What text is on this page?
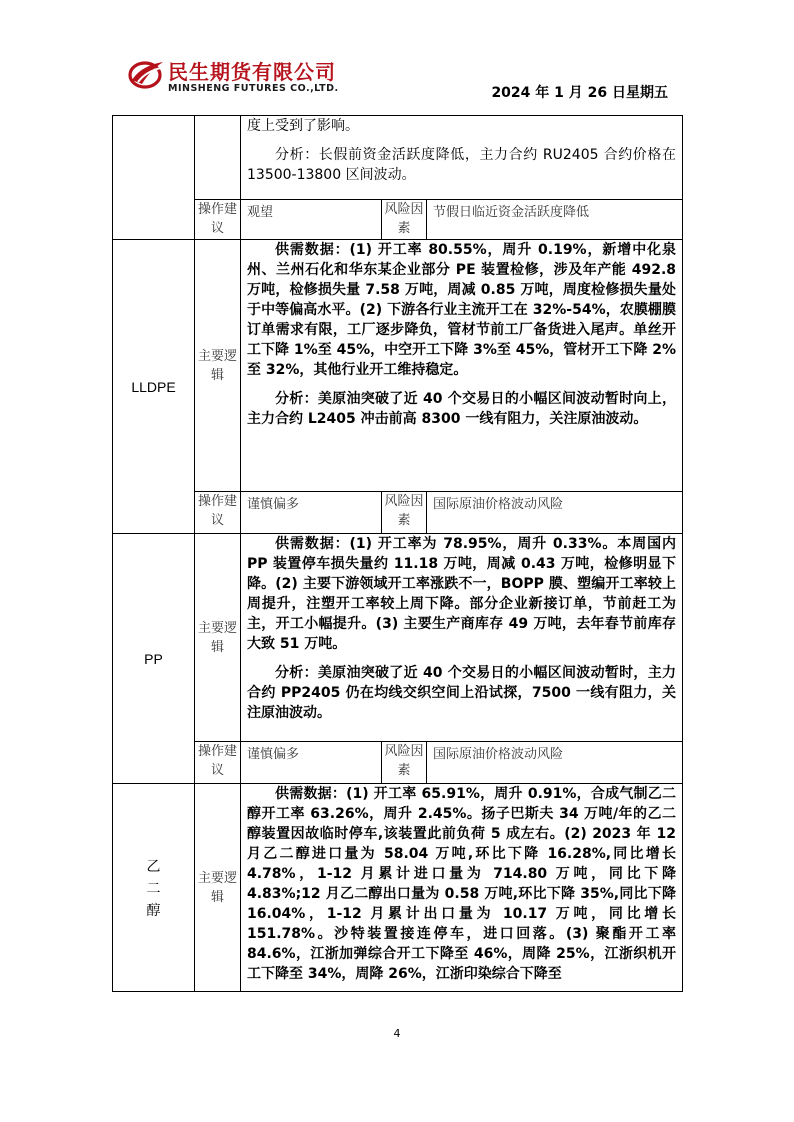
民生期货有限公司
MINSHENG FUTURES CO.,LTD.	2024 年 1 月 26 日星期五

		度上受到了影响。

分析：长假前资金活跃度降低，主力合约 RU2405 合约价格在 13500-13800 区间波动。		

	操作建议	观望	风险因素	节假日临近资金活跃度降低
LLDPE	主要逻辑	供需数据：(1) 开工率 80.55%，周升 0.19%，新增中化泉州、兰州石化和华东某企业部分 PE 装置检修，涉及年产能 492.8 万吨，检修损失量 7.58 万吨，周减 0.85 万吨，周度检修损失量处于中等偏高水平。(2) 下游各行业主流开工在 32%-54%，农膜棚膜订单需求有限，工厂逐步降负，管材节前工厂备货进入尾声。单丝开工下降 1%至 45%，中空开工下降 3%至 45%，管材开工下降 2%至 32%，其他行业开工维持稳定。

分析：美原油突破了近 40 个交易日的小幅区间波动暂时向上，主力合约 L2405 冲击前高 8300 一线有阻力，关注原油波动。		

	操作建议	谨慎偏多	风险因素	国际原油价格波动风险
PP	主要逻辑	供需数据：(1) 开工率为 78.95%，周升 0.33%。本周国内 PP 装置停车损失量约 11.18 万吨，周减 0.43 万吨，检修明显下降。(2) 主要下游领域开工率涨跌不一，BOPP 膜、塑编开工率较上周提升，注塑开工率较上周下降。部分企业新接订单，节前赶工为主，开工小幅提升。(3) 主要生产商库存 49 万吨，去年春节前库存大致 51 万吨。

分析：美原油突破了近 40 个交易日的小幅区间波动暂时，主力合约 PP2405 仍在均线交织空间上沿试探，7500 一线有阻力，关注原油波动。		

	操作建议	谨慎偏多	风险因素	国际原油价格波动风险

乙二醇	主要逻辑	供需数据：(1) 开工率 65.91%，周升 0.91%，合成气制乙二醇开工率 63.26%，周升 2.45%。扬子巴斯夫 34 万吨/年的乙二醇装置因故临时停车,该装置此前负荷 5 成左右。(2) 2023 年 12 月乙二醇进口量为 58.04 万吨,环比下降 16.28%,同比增长 4.78%，1-12 月累计进口量为 714.80 万吨，同比下降 4.83%;12 月乙二醇出口量为 0.58 万吨,环比下降 35%,同比下降 16.04%，1-12 月累计出口量为 10.17 万吨，同比增长 151.78%。沙特装置接连停车，进口回落。(3) 聚酯开工率 84.6%，江浙加弹综合开工下降至 46%，周降 25%，江浙织机开工下降至 34%，周降 26%，江浙印染综合下降至		

4
